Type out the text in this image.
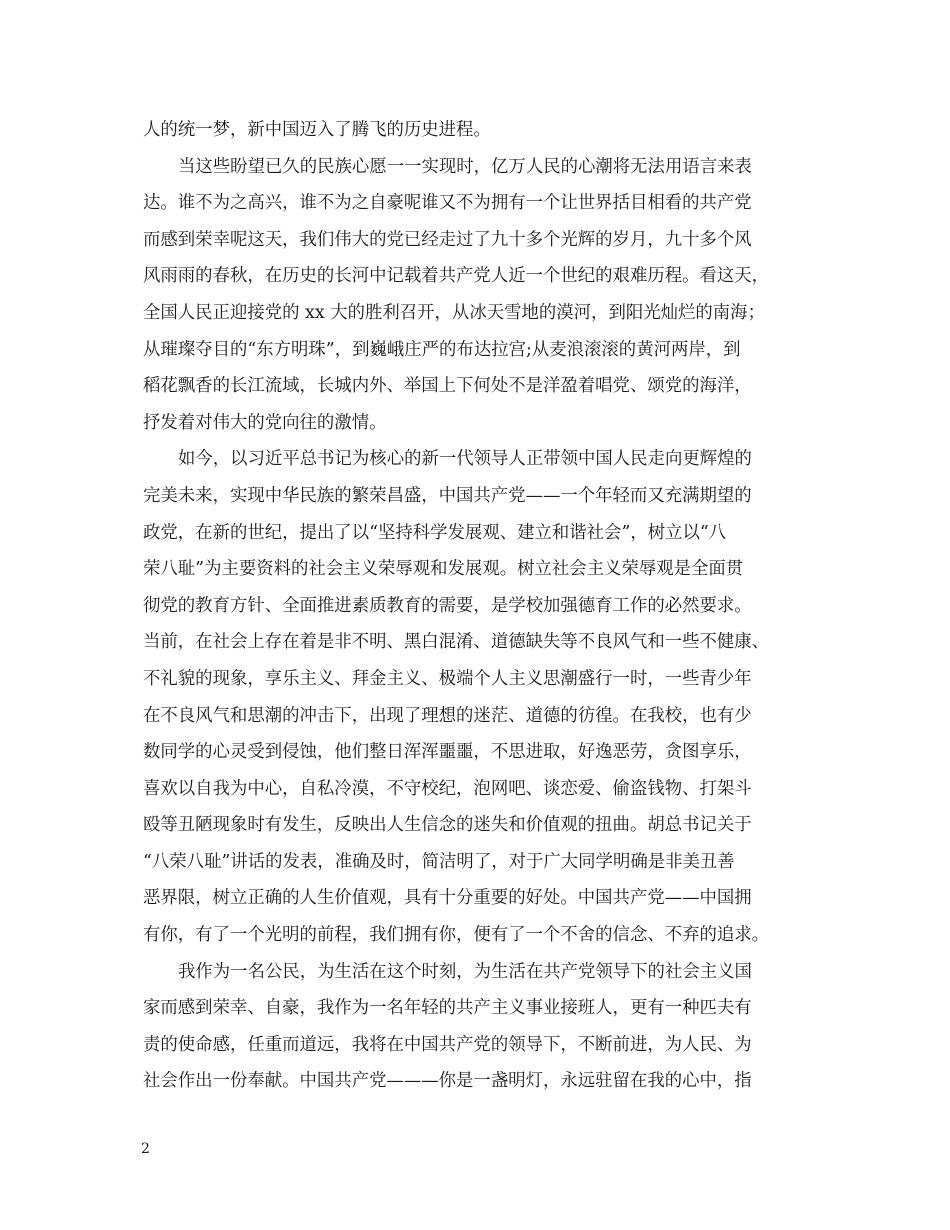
人的统一梦，新中国迈入了腾飞的历史进程。
当这些盼望已久的民族心愿一一实现时，亿万人民的心潮将无法用语言来表
达。谁不为之高兴，谁不为之自豪呢谁又不为拥有一个让世界括目相看的共产党
而感到荣幸呢这天，我们伟大的党已经走过了九十多个光辉的岁月，九十多个风
风雨雨的春秋，在历史的长河中记载着共产党人近一个世纪的艰难历程。看这天，
全国人民正迎接党的 xx 大的胜利召开，从冰天雪地的漠河，到阳光灿烂的南海；
从璀璨夺目的“东方明珠”，到巍峨庄严的布达拉宫;从麦浪滚滚的黄河两岸，到
稻花飘香的长江流域，长城内外、举国上下何处不是洋盈着唱党、颂党的海洋，
抒发着对伟大的党向往的激情。
如今，以习近平总书记为核心的新一代领导人正带领中国人民走向更辉煌的
完美未来，实现中华民族的繁荣昌盛，中国共产党——一个年轻而又充满期望的
政党，在新的世纪，提出了以“坚持科学发展观、建立和谐社会”，树立以“八
荣八耻”为主要资料的社会主义荣辱观和发展观。树立社会主义荣辱观是全面贯
彻党的教育方针、全面推进素质教育的需要，是学校加强德育工作的必然要求。
当前，在社会上存在着是非不明、黑白混淆、道德缺失等不良风气和一些不健康、
不礼貌的现象，享乐主义、拜金主义、极端个人主义思潮盛行一时，一些青少年
在不良风气和思潮的冲击下，出现了理想的迷茫、道德的彷徨。在我校，也有少
数同学的心灵受到侵蚀，他们整日浑浑噩噩，不思进取，好逸恶劳，贪图享乐，
喜欢以自我为中心，自私冷漠，不守校纪，泡网吧、谈恋爱、偷盗钱物、打架斗
殴等丑陋现象时有发生，反映出人生信念的迷失和价值观的扭曲。胡总书记关于
“八荣八耻”讲话的发表，准确及时，简洁明了，对于广大同学明确是非美丑善
恶界限，树立正确的人生价值观，具有十分重要的好处。中国共产党——中国拥
有你，有了一个光明的前程，我们拥有你，便有了一个不舍的信念、不弃的追求。
我作为一名公民，为生活在这个时刻，为生活在共产党领导下的社会主义国
家而感到荣幸、自豪，我作为一名年轻的共产主义事业接班人，更有一种匹夫有
责的使命感，任重而道远，我将在中国共产党的领导下，不断前进，为人民、为
社会作出一份奉献。中国共产党———你是一盏明灯，永远驻留在我的心中，指
2
